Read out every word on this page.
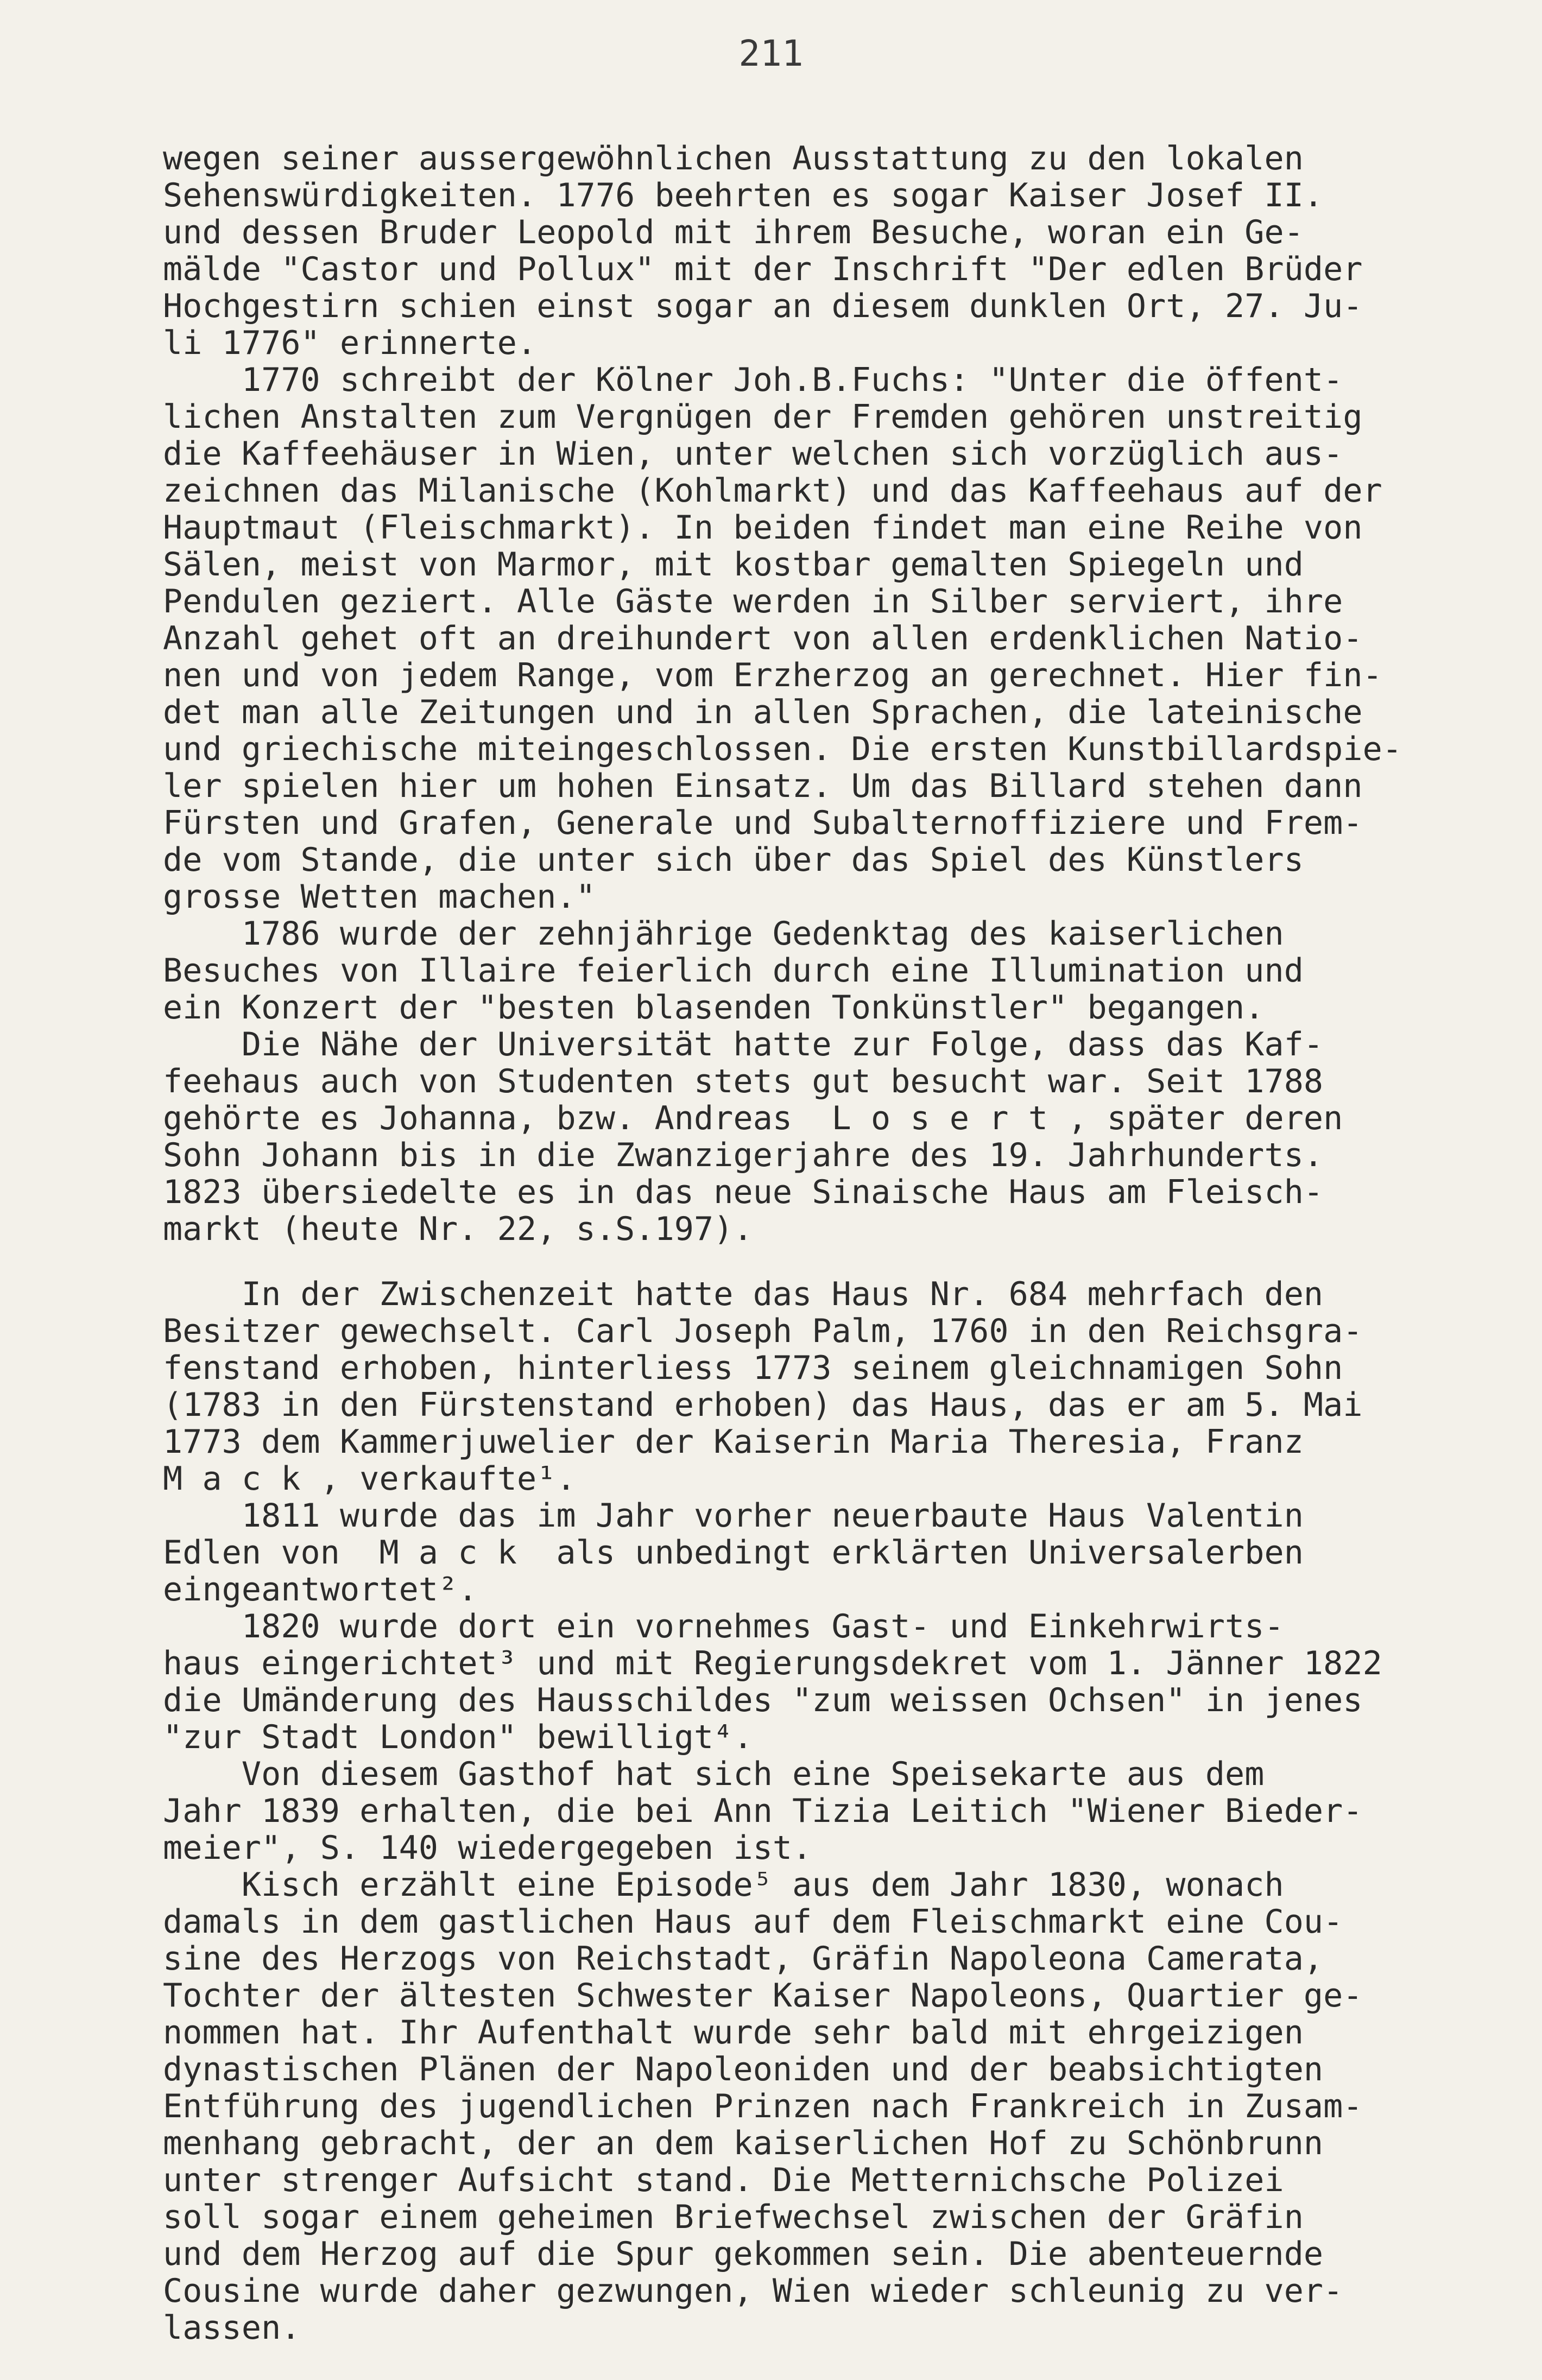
211
wegen seiner aussergewöhnlichen Ausstattung zu den lokalen
Sehenswürdigkeiten. 1776 beehrten es sogar Kaiser Josef II.
und dessen Bruder Leopold mit ihrem Besuche, woran ein Ge-
mälde "Castor und Pollux" mit der Inschrift "Der edlen Brüder
Hochgestirn schien einst sogar an diesem dunklen Ort, 27. Ju-
li 1776" erinnerte.
1770 schreibt der Kölner Joh.B.Fuchs: "Unter die öffent-
lichen Anstalten zum Vergnügen der Fremden gehören unstreitig
die Kaffeehäuser in Wien, unter welchen sich vorzüglich aus-
zeichnen das Milanische (Kohlmarkt) und das Kaffeehaus auf der
Hauptmaut (Fleischmarkt). In beiden findet man eine Reihe von
Sälen, meist von Marmor, mit kostbar gemalten Spiegeln und
Pendulen geziert. Alle Gäste werden in Silber serviert, ihre
Anzahl gehet oft an dreihundert von allen erdenklichen Natio-
nen und von jedem Range, vom Erzherzog an gerechnet. Hier fin-
det man alle Zeitungen und in allen Sprachen, die lateinische
und griechische miteingeschlossen. Die ersten Kunstbillardspie-
ler spielen hier um hohen Einsatz. Um das Billard stehen dann
Fürsten und Grafen, Generale und Subalternoffiziere und Frem-
de vom Stande, die unter sich über das Spiel des Künstlers
grosse Wetten machen."
1786 wurde der zehnjährige Gedenktag des kaiserlichen
Besuches von Illaire feierlich durch eine Illumination und
ein Konzert der "besten blasenden Tonkünstler" begangen.
Die Nähe der Universität hatte zur Folge, dass das Kaf-
feehaus auch von Studenten stets gut besucht war. Seit 1788
gehörte es Johanna, bzw. Andreas  L o s e r t , später deren
Sohn Johann bis in die Zwanzigerjahre des 19. Jahrhunderts.
1823 übersiedelte es in das neue Sinaische Haus am Fleisch-
markt (heute Nr. 22, s.S.197).
In der Zwischenzeit hatte das Haus Nr. 684 mehrfach den
Besitzer gewechselt. Carl Joseph Palm, 1760 in den Reichsgra-
fenstand erhoben, hinterliess 1773 seinem gleichnamigen Sohn
(1783 in den Fürstenstand erhoben) das Haus, das er am 5. Mai
1773 dem Kammerjuwelier der Kaiserin Maria Theresia, Franz
M a c k , verkaufte¹.
1811 wurde das im Jahr vorher neuerbaute Haus Valentin
Edlen von  M a c k  als unbedingt erklärten Universalerben
eingeantwortet².
1820 wurde dort ein vornehmes Gast- und Einkehrwirts-
haus eingerichtet³ und mit Regierungsdekret vom 1. Jänner 1822
die Umänderung des Hausschildes "zum weissen Ochsen" in jenes
"zur Stadt London" bewilligt⁴.
Von diesem Gasthof hat sich eine Speisekarte aus dem
Jahr 1839 erhalten, die bei Ann Tizia Leitich "Wiener Bieder-
meier", S. 140 wiedergegeben ist.
Kisch erzählt eine Episode⁵ aus dem Jahr 1830, wonach
damals in dem gastlichen Haus auf dem Fleischmarkt eine Cou-
sine des Herzogs von Reichstadt, Gräfin Napoleona Camerata,
Tochter der ältesten Schwester Kaiser Napoleons, Quartier ge-
nommen hat. Ihr Aufenthalt wurde sehr bald mit ehrgeizigen
dynastischen Plänen der Napoleoniden und der beabsichtigten
Entführung des jugendlichen Prinzen nach Frankreich in Zusam-
menhang gebracht, der an dem kaiserlichen Hof zu Schönbrunn
unter strenger Aufsicht stand. Die Metternichsche Polizei
soll sogar einem geheimen Briefwechsel zwischen der Gräfin
und dem Herzog auf die Spur gekommen sein. Die abenteuernde
Cousine wurde daher gezwungen, Wien wieder schleunig zu ver-
lassen.
